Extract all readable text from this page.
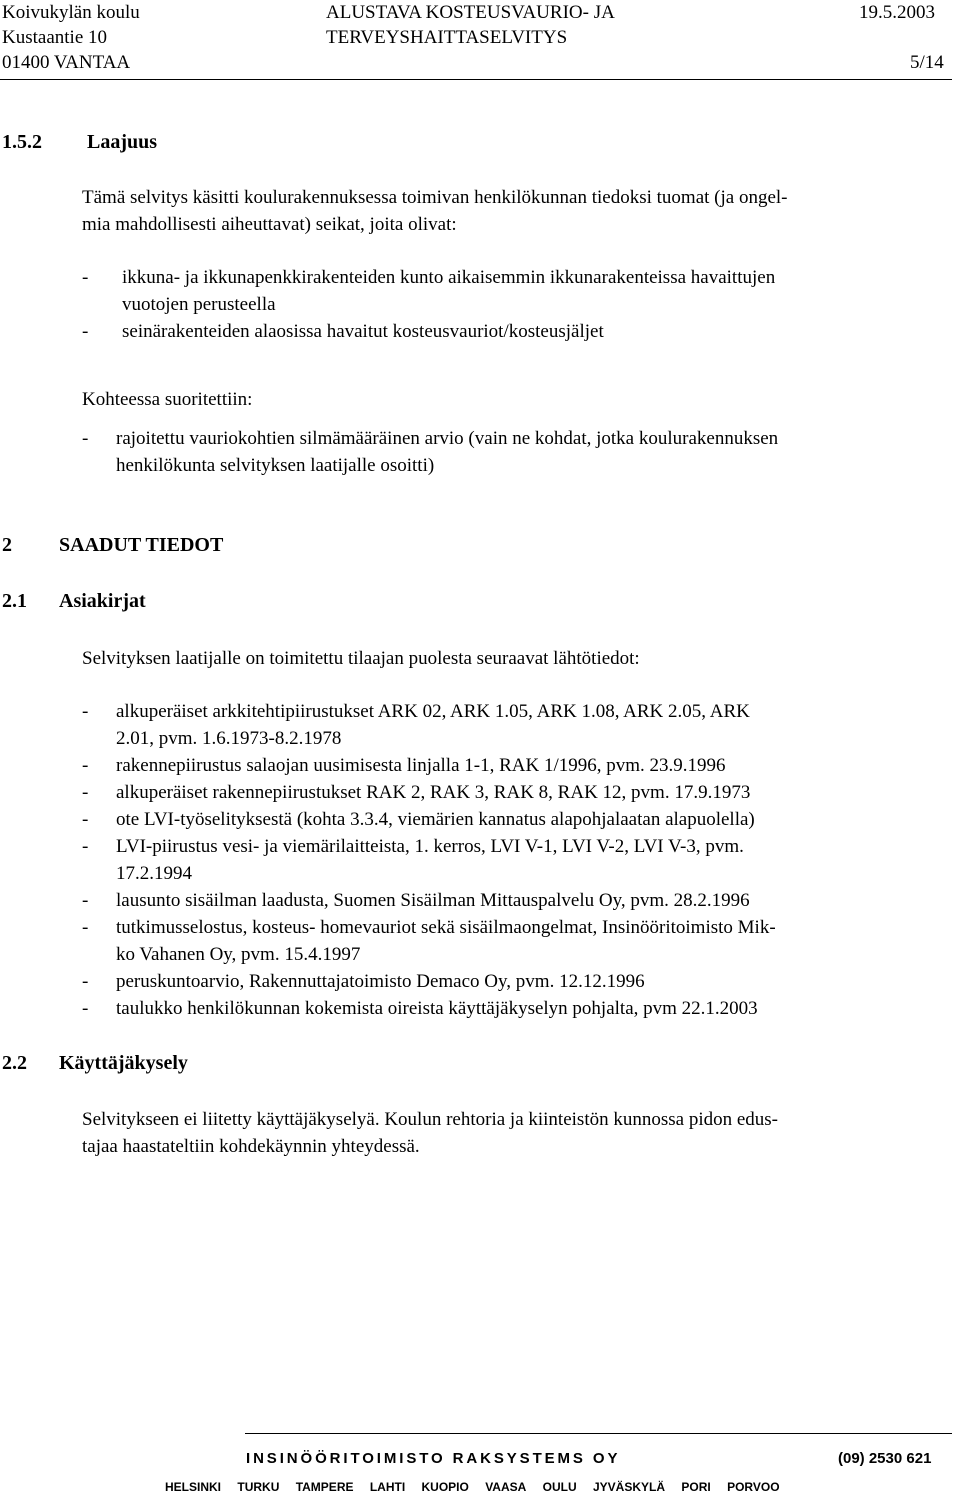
Koivukylän koulu
Kustaantie 10
01400 VANTAA
ALUSTAVA KOSTEUSVAURIO- JA
TERVEYSHAITTASELVITYS
19.5.2003
5/14
1.5.2 Laajuus
Tämä selvitys käsitti koulurakennuksessa toimivan henkilökunnan tiedoksi tuomat (ja ongel-
mia mahdollisesti aiheuttavat) seikat, joita olivat:
- ikkuna- ja ikkunapenkkirakenteiden kunto aikaisemmin ikkunarakenteissa havaittujen
vuotojen perusteella
- seinärakenteiden alaosissa havaitut kosteusvauriot/kosteusjäljet
Kohteessa suoritettiin:
- rajoitettu vauriokohtien silmämääräinen arvio (vain ne kohdat, jotka koulurakennuksen
henkilökunta selvityksen laatijalle osoitti)
2 SAADUT TIEDOT
2.1 Asiakirjat
Selvityksen laatijalle on toimitettu tilaajan puolesta seuraavat lähtötiedot:
- alkuperäiset arkkitehtipiirustukset ARK 02, ARK 1.05, ARK 1.08, ARK 2.05, ARK
2.01, pvm. 1.6.1973-8.2.1978
- rakennepiirustus salaojan uusimisesta linjalla 1-1, RAK 1/1996, pvm. 23.9.1996
- alkuperäiset rakennepiirustukset RAK 2, RAK 3, RAK 8, RAK 12, pvm. 17.9.1973
- ote LVI-työselityksestä (kohta 3.3.4, viemärien kannatus alapohjalaatan alapuolella)
- LVI-piirustus vesi- ja viemärilaitteista, 1. kerros, LVI V-1, LVI V-2, LVI V-3, pvm.
17.2.1994
- lausunto sisäilman laadusta, Suomen Sisäilman Mittauspalvelu Oy, pvm. 28.2.1996
- tutkimusselostus, kosteus- homevauriot sekä sisäilmaongelmat, Insinööritoimisto Mik-
ko Vahanen Oy, pvm. 15.4.1997
- peruskuntoarvio, Rakennuttajatoimisto Demaco Oy, pvm. 12.12.1996
- taulukko henkilökunnan kokemista oireista käyttäjäkyselyn pohjalta, pvm 22.1.2003
2.2 Käyttäjäkysely
Selvitykseen ei liitetty käyttäjäkyselyä. Koulun rehtoria ja kiinteistön kunnossa pidon edus-
tajaa haastateltiin kohdekäynnin yhteydessä.
INSINÖÖRITOIMISTO RAKSYSTEMS OY	(09) 2530 621
HELSINKI TURKU TAMPERE LAHTI KUOPIO VAASA OULU JYVÄSKYLÄ PORI PORVOO
